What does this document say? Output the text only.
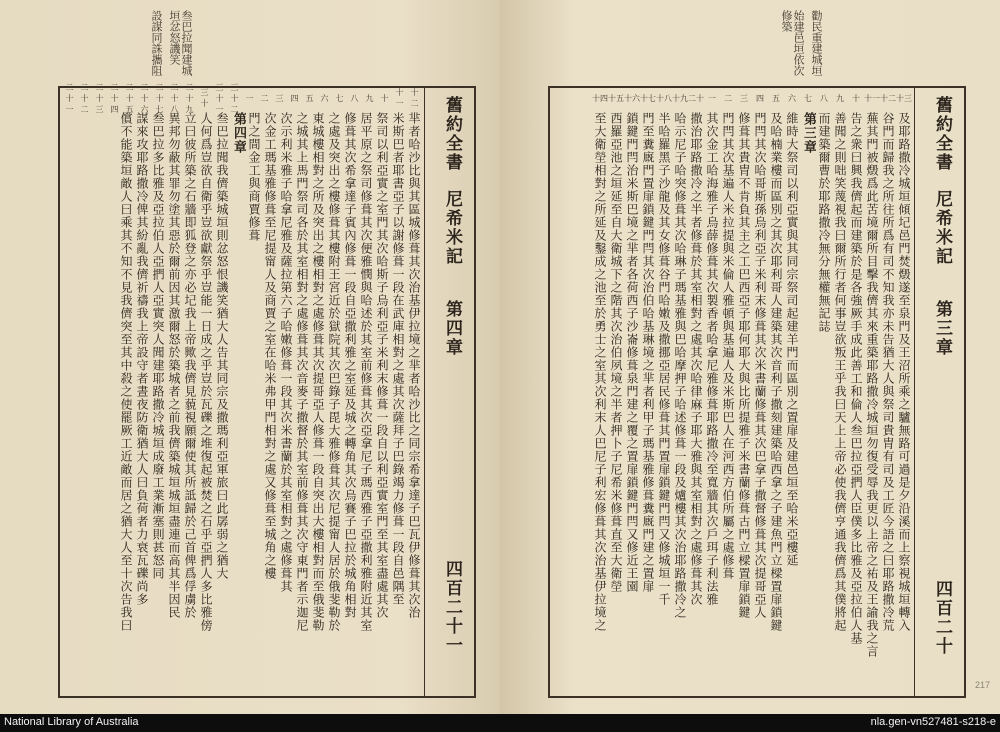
叁巴拉聞建城垣忿怒譏笑
設謀同誅攜阻
十二
十一
十
九
八
七
六
五
四
三
二
一
三十二
三十一
三十
二十九
二十八
二十七
二十六
二十五
二十四
二十三
二十二
二十一	舊約全書

尼希米記
第四章
四百二十一
芈者哈沙比與其區城修葺其次治基伊拉境之芈者哈沙比之同宗希拿達子巴瓦伊修葺其次治
米斯巴者耶書亞子以謝修葺一段在武庫相對之處其次薩拜子巴錄竭力修葺一段自邑隅至
祭司以利亞實之室門其次哈斯子烏利亞子米利末修葺一段自以利亞實室門至其室盡處其次
居平原之祭司修葺其次便雅憫與哈述於其室前修葺其次亞拿尼子瑪西雅子亞撒利雅附近其室
修葺其次希拿達子賓內修葺一段自亞撒利雅之室延及城之轉角其次烏賽子巴拉於城角相對
之處及突出之樓修葺其樓附王宮近於獄院其次巴錄子毘大雅修葺其次尼提甯人居於俄斐勒於
東城樓相對之所及突出之樓相對之處修葺其次提哥亞人修葺一段自突出大樓相對而至俄斐勒
之城其上馬門祭司各於其室相對之處修葺其次音麥子撒督於其室前修葺其次守東門者示迦尼
次示利米雅子哈拿尼雅及薩拉第六子哈嫩修葺一段其次米書蘭於其室相對之處修葺其
次金工瑪基雅修葺至尼提甯人及商賈之室在哈米弗甲門相對之處又修葺至城角之樓
門之間金工與商賈修葺
第四章
叁巴拉聞我儕築城垣則忿怒恨譏笑猶大人告其同宗及撒瑪利亞軍旅曰此孱弱之猶大
人何爲豈欲自衛乎豈欲獻祭乎豈能一日成之乎豈於瓦礫之堆復起被焚之石乎亞捫人多比雅傍
立曰彼所築之石牆即狐登之亦必圮我上帝歟我儕見藐視願爾使其所詆歸於己首俾爲俘虜於
異邦勿蔽其罪勿塗其惡於爾前因其激爾怒於築城者之前我儕築城垣城垣盡連而高其半因民
叁巴拉多比雅及亞拉伯人亞捫人亞實突人聞建耶路撒冷城垣成廢工業漸塞則甚怒同
謀來攻耶路撒冷俾其紛亂我儕祈禱我上帝設守者晝夜防衛猶大人曰負荷者力衰瓦礫尚多
償不能築垣敵人曰乘其不知不見我儕突至其中殺之使罷厥工近敵而居之猶大人至十次告我曰
勸民重建城垣
始建邑垣依次修築
217
十三
十二
十一
十
九
八
七
六
五
四
三
二
一
二十
十九
十八
十七
十六
十五
十四	舊約全書
尼希米記
第三章
四百二十
及耶路撒冷城垣傾圮邑門焚燬遂至泉門及王沼所乘之驢無路可過是夕沿溪而上察視城垣轉入
谷門而歸我之所往所爲有司不知我亦未告猶大人與祭司貴胄有司及工匠今語之曰耶路撒冷荒
蕪其門被燬爲此苦境爾所目擊我儕其來重築耶路撒冷城垣勿復受辱我更以上帝之祐及王諭我之言
告之衆曰興我儕起而建築於是各強厥手成此善工和倫人叁巴拉亞捫人臣僕多比雅及亞拉伯人基
善聞之則咄笑蔑視我曰爾所行者何事豈欲叛王乎我曰天上上帝必使我儕亨通我儕爲其僕將起
而建築爾曹於耶路撒冷無分無權無記誌
第三章
維時大祭司以利亞實與其同宗祭司起建羊門而區別之置扉及建邑垣至哈米亞樓延
及哈楠業樓而區別之其次耶利哥人建築其次音利子撒刻建築哈西拿之子建魚門立樑置扉鎖鍵
門閂其次哈哥斯孫烏利亞子米利末修葺其次米書蘭修葺其次巴拿子撒督修葺其次提哥亞人
修葺其貴胄不肯負其主之工巴西亞子耶何耶大與比所提雅子米書蘭修葺古門立樑置扉鎖鍵
門閂其次基遍人米拉提與米倫人雅頓與基遍人及米斯巴人在河西方伯所屬之處修葺
其次金工哈海雅子烏薛修葺其次製香者哈拿尼雅修葺耶路撒冷至寬牆其次戶珥子利法雅
撒治耶路撒冷之半者修葺於其室相對之處其次哈律麻子耶大雅與其室相對之處修葺其次
哈示尼子哈突修葺其次哈琳子瑪基雅與巴哈摩押子哈述修葺一段及爐樓其次治耶路撒冷之
半哈羅黑子沙龍及其女修葺谷門哈嫩及撒挪亞居民修葺其門置扉鎖鍵門閂又修城垣一千
門至糞廐門置扉鎖鍵門閂其次治伯哈基琳境之芈者利甲子瑪基雅修葺糞廐門建之置扉
鎖鍵門閂治米斯巴境之芈者各荷西子沙崙修葺泉門建之覆之置扉鎖鍵門閂又修近王園
西羅亞池之垣延至自大衛城下之階其次治伯夙境之半者押卜子尼希米修葺直至大衛塋
至大衛塋相對之所延及鑿成之池至於勇士之室其次利末人巴尼子利宏修葺其次治基伊拉境之
National Library of Australia	nla.gen-vn527481-s218-e
